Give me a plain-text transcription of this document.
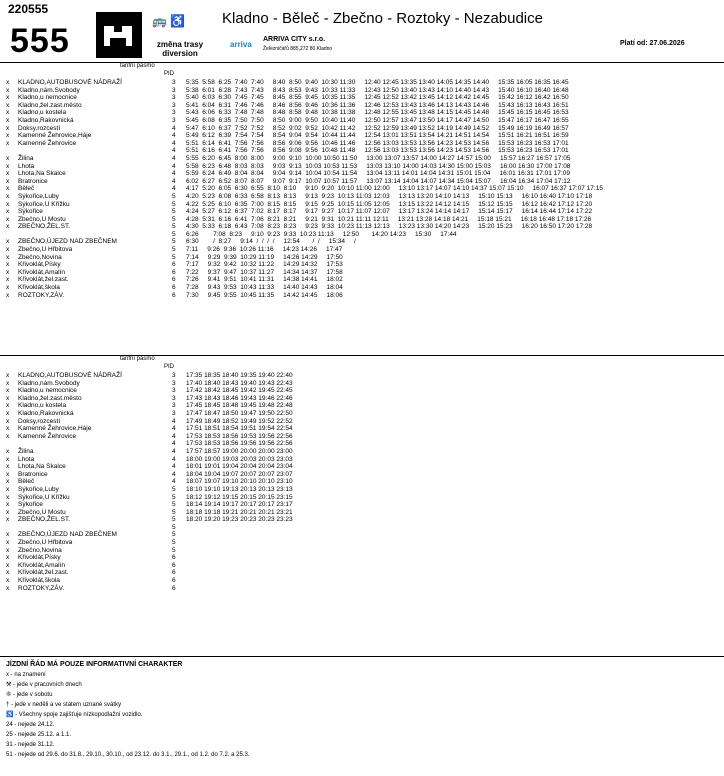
220555
555
🚌 ♿
změna trasy diversion
Kladno - Běleč - Zbečno - Roztoky - Nezabudice
arriva
ARRIVA CITY s.r.o.
Železničářů 885,272 80 Kladno
Platí od: 27.06.2026
tarifní pásmo
PID
x	KLADNO,AUTOBUSOVÉ NÁDRAŽÍ	3	5:35  5:58  6:25  7:40  7:40     8:40  8:50  9:40  10:30 11:30     12:40 12:45 13:35 13:40 14:05 14:35 14:40     15:35 16:05 16:35 16:45
x	Kladno,nám.Svobody	3	5:38  6:01  6:28  7:43  7:43     8:43  8:53  9:43  10:33 11:33     12:43 12:50 13:40 13:43 14:10 14:40 14:43     15:40 16:10 16:40 16:48
x	Kladno,u nemocnice	3	5:40  6:03  6:30  7:45  7:45     8:45  8:55  9:45  10:35 11:35     12:45 12:52 13:42 13:45 14:12 14:42 14:45     15:42 16:12 16:42 16:50
x	Kladno,žel.zast.město	3	5:41  6:04  6:31  7:46  7:46     8:46  8:56  9:46  10:36 11:36     12:46 12:53 13:43 13:46 14:13 14:43 14:46     15:43 16:13 16:43 16:51
x	Kladno,u kostela	3	5:43  6:06  6:33  7:48  7:48     8:48  8:58  9:48  10:38 11:38     12:48 12:55 13:45 13:48 14:15 14:45 14:48     15:45 16:15 16:45 16:53
x	Kladno,Rakovnická	3	5:45  6:08  6:35  7:50  7:50     8:50  9:00  9:50  10:40 11:40     12:50 12:57 13:47 13:50 14:17 14:47 14:50     15:47 16:17 16:47 16:55
x	Doksy,rozcestí	4	5:47  6:10  6:37  7:52  7:52     8:52  9:02  9:52  10:42 11:42     12:52 12:59 13:49 13:52 14:19 14:49 14:52     15:49 16:19 16:49 16:57
x	Kamenné Žehrovice,Háje	4	5:49  6:12  6:39  7:54  7:54     8:54  9:04  9:54  10:44 11:44     12:54 13:01 13:51 13:54 14:21 14:51 14:54     15:51 16:21 16:51 16:59
x	Kamenné Žehrovice	4	5:51  6:14  6:41  7:56  7:56     8:56  9:06  9:56  10:46 11:46     12:56 13:03 13:53 13:56 14:23 14:53 14:56     15:53 16:23 16:53 17:01
		4	5:51  6:16  6:41  7:56  7:56     8:56  9:08  9:56  10:48 11:48     12:56 13:03 13:53 13:56 14:23 14:53 14:56     15:53 16:23 16:53 17:01
x	Žilina	4	5:55  6:20  6:45  8:00  8:00     9:00  9:10  10:00 10:50 11:50     13:00 13:07 13:57 14:00 14:27 14:57 15:00     15:57 16:27 16:57 17:05
x	Lhota	4	5:58  6:23  6:48  8:03  8:03     9:03  9:13  10:03 10:53 11:53     13:03 13:10 14:00 14:03 14:30 15:00 15:03     16:00 16:30 17:00 17:08
x	Lhota,Na Skalce	4	5:59  6:24  6:49  8:04  8:04     9:04  9:14  10:04 10:54 11:54     13:04 13:11 14:01 14:04 14:31 15:01 15:04     16:01 16:31 17:01 17:09
x	Bratronice	4	6:02  6:27  6:52  8:07  8:07     9:07  9:17  10:07 10:57 11:57     13:07 13:14 14:04 14:07 14:34 15:04 15:07     16:04 16:34 17:04 17:12
x	Běleč	4	4:17  5:20  6:05  6:30  6:55  8:10  8:10     9:10  9:20  10:10 11:00 12:00     13:10 13:17 14:07 14:10 14:37 15:07 15:10     16:07 16:37 17:07 17:15
x	Sýkořice,Luby	5	4:20  5:23  6:08  6:33  6:58  8:13  8:13     9:13  9:23  10:13 11:03 12:03     13:13 13:20 14:10 14:13     15:10 15:13     16:10 16:40 17:10 17:18
x	Sýkořice,U Křížku	5	4:22  5:25  6:10  6:35  7:00  8:15  8:15     9:15  9:25  10:15 11:05 12:05     13:15 13:22 14:12 14:15     15:12 15:15     16:12 16:42 17:12 17:20
x	Sýkořice	5	4:24  5:27  6:12  6:37  7:02  8:17  8:17     9:17  9:27  10:17 11:07 12:07     13:17 13:24 14:14 14:17     15:14 15:17     16:14 16:44 17:14 17:22
x	Zbečno,U Mostu	5	4:28  5:31  6:16  6:41  7:06  8:21  8:21     9:21  9:31  10:21 11:11 12:11     13:21 13:28 14:18 14:21     15:18 15:21     16:18 16:48 17:18 17:26
x	ZBEČNO,ŽEL.ST.	5	4:30  5:33  6:18  6:43  7:08  8:23  8:23     9:23  9:33  10:23 11:13 12:13     13:23 13:30 14:20 14:23     15:20 15:23     16:20 16:50 17:20 17:28
		5	6:26        7:08  8:23     9:10  9:23  9:33  10:23 11:13     12:50       14:20 14:23     15:30     17:44
x	ZBEČNO,ÚJEZD NAD ZBEČNEM	5	6:30        /  8:27     9:14  /  /  /  /     12:54       /  /     15:34     /
x	Zbečno,U Hřbitova	5	7:11     9:26  9:36  10:26 11:16     14:23 14:26     17:47
x	Zbečno,Novina	5	7:14     9:29  9:39  10:29 11:19     14:26 14:29     17:50
x	Křivoklát,Písky	6	7:17     9:32  9:42  10:32 11:22     14:29 14:32     17:53
x	Křivoklát,Amalín	6	7:22     9:37  9:47  10:37 11:27     14:34 14:37     17:58
x	Křivoklát,žel.zast.	6	7:26     9:41  9:51  10:41 11:31     14:38 14:41     18:02
x	Křivoklát,škola	6	7:28     9:43  9:53  10:43 11:33     14:40 14:43     18:04
x	ROZTOKY,ZÁV.	6	7:30     9:45  9:55  10:45 11:35     14:42 14:45     18:06
tarifní pásmo
PID
x	KLADNO,AUTOBUSOVÉ NÁDRAŽÍ	3	17:35 18:35 18:40 19:35 19:40 22:40
x	Kladno,nám.Svobody	3	17:40 18:40 18:43 19:40 19:43 22:43
x	Kladno,u nemocnice	3	17:42 18:42 18:45 19:42 19:45 22:45
x	Kladno,žel.zast.město	3	17:43 18:43 18:46 19:43 19:46 22:46
x	Kladno,u kostela	3	17:45 18:45 18:48 19:45 19:48 22:48
x	Kladno,Rakovnická	3	17:47 18:47 18:50 19:47 19:50 22:50
x	Doksy,rozcestí	4	17:49 18:49 18:52 19:49 19:52 22:52
x	Kamenné Žehrovice,Háje	4	17:51 18:51 18:54 19:51 19:54 22:54
x	Kamenné Žehrovice	4	17:53 18:53 18:56 19:53 19:56 22:56
		4	17:53 18:53 18:56 19:56 19:56 22:56
x	Žilina	4	17:57 18:57 19:00 20:00 20:00 23:00
x	Lhota	4	18:00 19:00 19:03 20:03 20:03 23:03
x	Lhota,Na Skalce	4	18:01 19:01 19:04 20:04 20:04 23:04
x	Bratronice	4	18:04 19:04 19:07 20:07 20:07 23:07
x	Běleč	4	18:07 19:07 19:10 20:10 20:10 23:10
x	Sýkořice,Luby	5	18:10 19:10 19:13 20:13 20:13 23:13
x	Sýkořice,U Křížku	5	18:12 19:12 19:15 20:15 20:15 23:15
x	Sýkořice	5	18:14 19:14 19:17 20:17 20:17 23:17
x	Zbečno,U Mostu	5	18:18 19:18 19:21 20:21 20:21 23:21
x	ZBEČNO,ŽEL.ST.	5	18:20 19:20 19:23 20:23 20:23 23:23
		5	
x	ZBEČNO,ÚJEZD NAD ZBEČNEM	5	
x	Zbečno,U Hřbitova	5	
x	Zbečno,Novina	5	
x	Křivoklát,Písky	6	
x	Křivoklát,Amalín	6	
x	Křivoklát,žel.zast.	6	
x	Křivoklát,škola	6	
x	ROZTOKY,ZÁV.	6	
JÍZDNÍ ŘÁD MÁ POUZE INFORMATIVNÍ CHARAKTER
x - na znamení
⚒ - jede v pracovních dnech
⑥ - jede v sobotu
† - jede v neděli a ve státem uznané svátky
♿ - Všechny spoje zajišťuje nízkopodlažní vozidlo.
24 - nejede 24.12.
25 - nejede 25.12. a 1.1.
31 - nejede 31.12.
51 - nejede od 29.6. do 31.8., 29.10., 30.10., od 23.12. do 3.1., 29.1., od 1.2. do 7.2. a 25.3.
